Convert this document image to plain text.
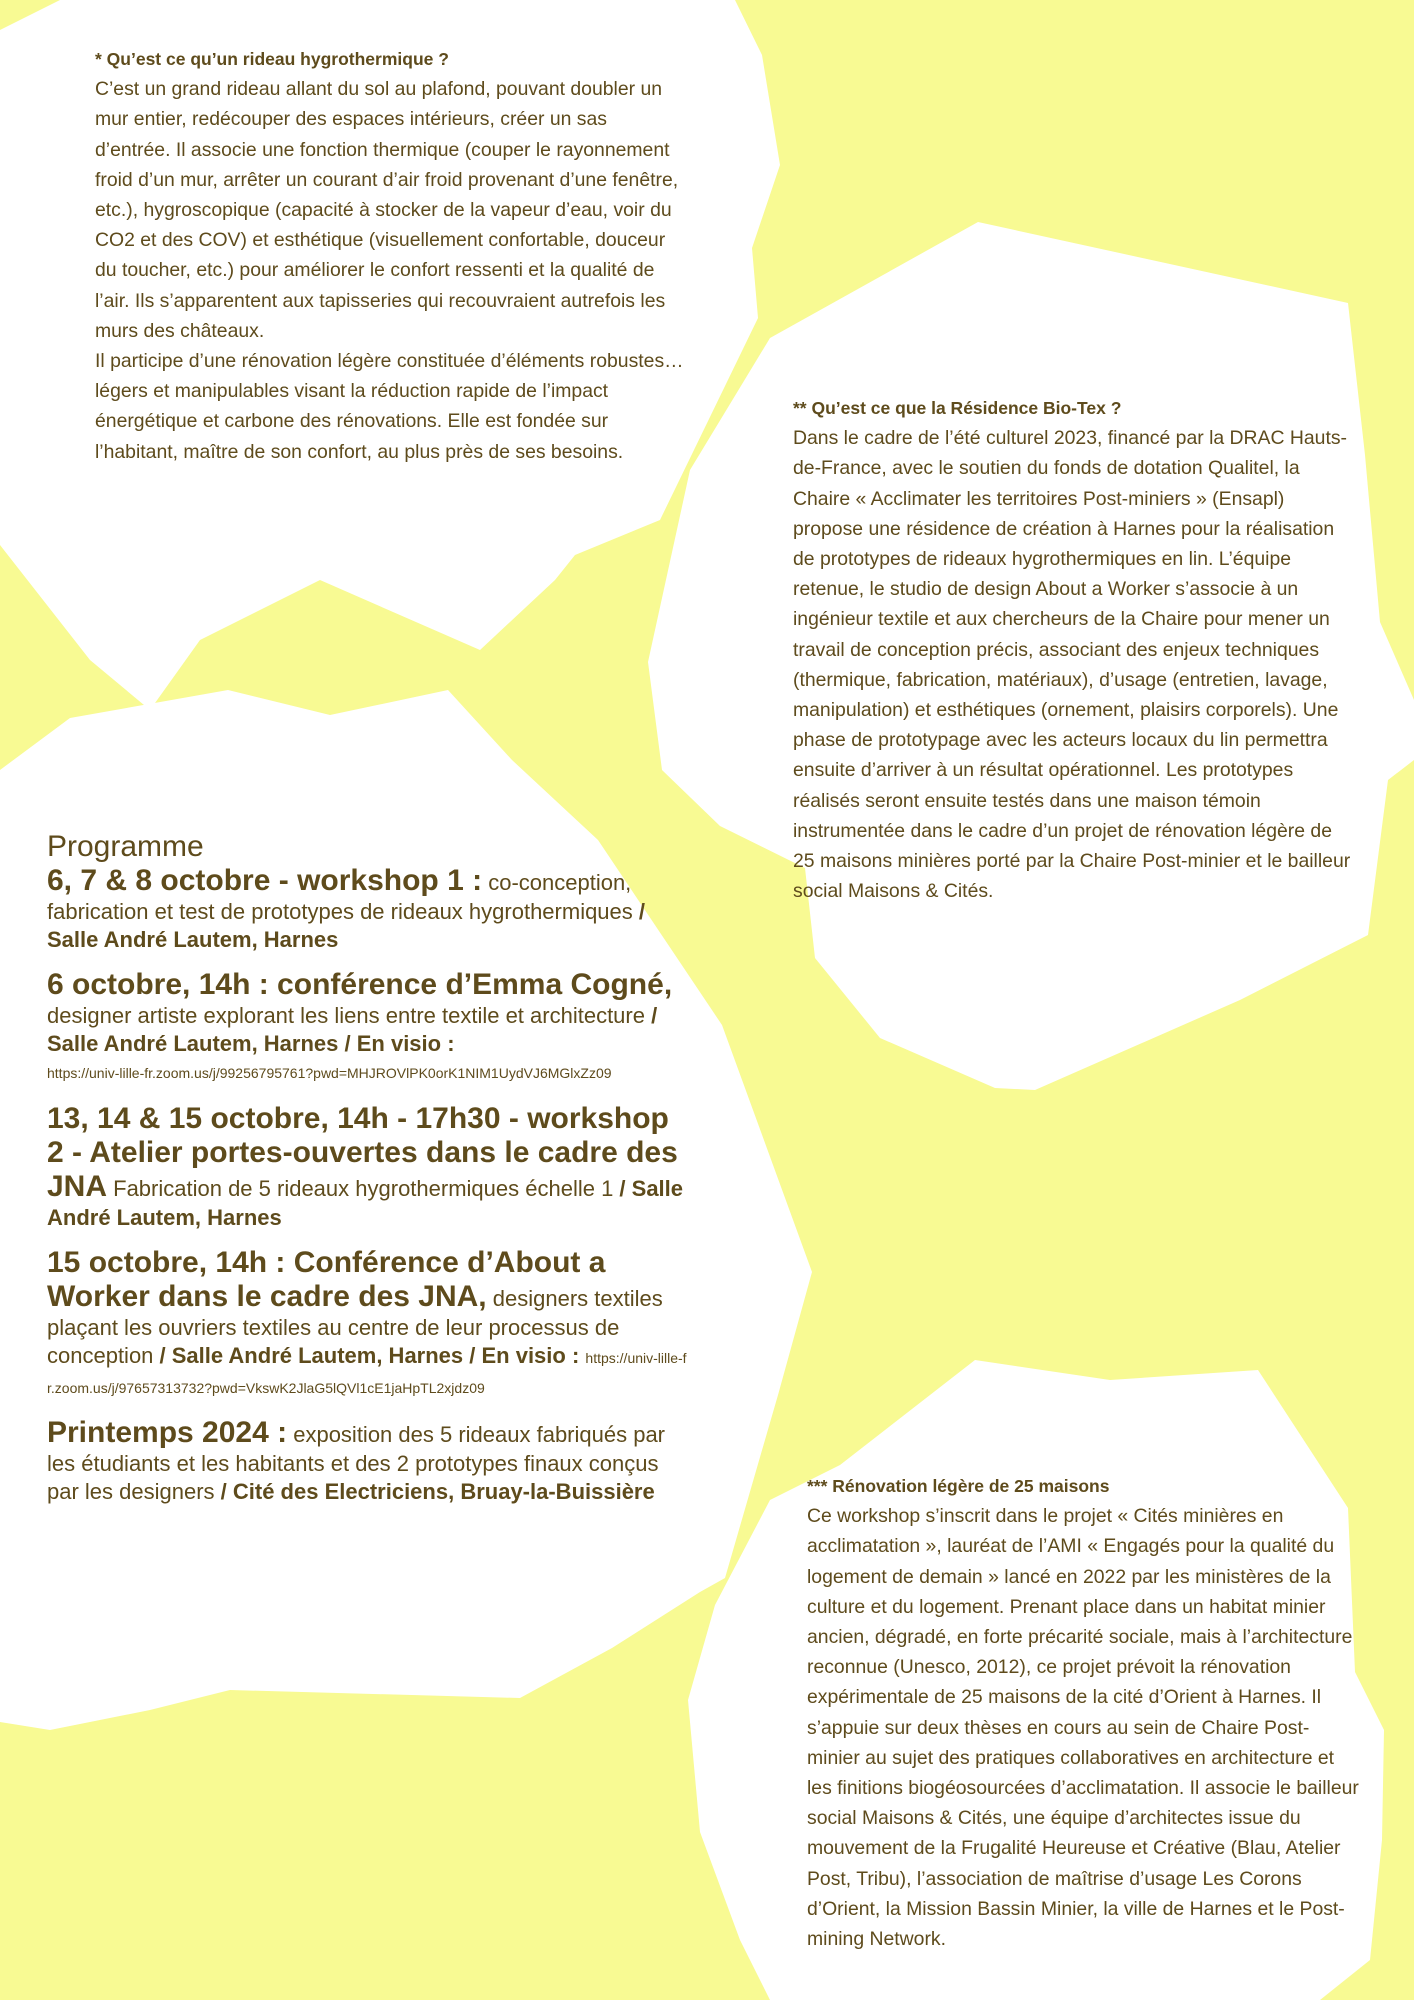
* Qu’est ce qu’un rideau hygrothermique ?

C’est un grand rideau allant du sol au plafond, pouvant doubler un mur entier, redécouper des espaces intérieurs, créer un sas d’entrée. Il associe une fonction thermique (couper le rayonnement froid d’un mur, arrêter un courant d’air froid provenant d’une fenêtre, etc.), hygroscopique (capacité à stocker de la vapeur d’eau, voir du CO2 et des COV) et esthétique (visuellement confortable, douceur du toucher, etc.) pour améliorer le confort ressenti et la qualité de l’air. Ils s’apparentent aux tapisseries qui recouvraient autrefois les murs des châteaux.

Il participe d’une rénovation légère constituée d’éléments robustes… légers et manipulables visant la réduction rapide de l’impact énergétique et carbone des rénovations. Elle est fondée sur l’habitant, maître de son confort, au plus près de ses besoins.

** Qu’est ce que la Résidence Bio-Tex ?

Dans le cadre de l’été culturel 2023, financé par la DRAC Hauts-de-France, avec le soutien du fonds de dotation Qualitel, la Chaire « Acclimater les territoires Post-miniers » (Ensapl) propose une résidence de création à Harnes pour la réalisation de prototypes de rideaux hygrothermiques en lin. L’équipe retenue, le studio de design About a Worker s’associe à un ingénieur textile et aux chercheurs de la Chaire pour mener un travail de conception précis, associant des enjeux techniques (thermique, fabrication, matériaux), d’usage (entretien, lavage, manipulation) et esthétiques (ornement, plaisirs corporels). Une phase de prototypage avec les acteurs locaux du lin permettra ensuite d’arriver à un résultat opérationnel. Les prototypes réalisés seront ensuite testés dans une maison témoin instrumentée dans le cadre d’un projet de rénovation légère de 25 maisons minières porté par la Chaire Post-minier et le bailleur social Maisons & Cités.

Programme
6, 7 & 8 octobre - workshop 1 : co-conception, fabrication et test de prototypes de rideaux hygrothermiques / Salle André Lautem, Harnes
6 octobre, 14h : conférence d’Emma Cogné, designer artiste explorant les liens entre textile et architecture / Salle André Lautem, Harnes / En visio :
https://univ-lille-fr.zoom.us/j/99256795761?pwd=MHJROVlPK0orK1NIM1UydVJ6MGlxZz09
13, 14 & 15 octobre, 14h - 17h30 - workshop 2 - Atelier portes-ouvertes dans le cadre des JNA Fabrication de 5 rideaux hygrothermiques échelle 1 / Salle André Lautem, Harnes
15 octobre, 14h : Conférence d’About a Worker dans le cadre des JNA, designers textiles plaçant les ouvriers textiles au centre de leur processus de conception / Salle André Lautem, Harnes / En visio : https://univ-lille-fr.zoom.us/j/97657313732?pwd=VkswK2JlaG5lQVl1cE1jaHpTL2xjdz09
Printemps 2024 : exposition des 5 rideaux fabriqués par les étudiants et les habitants et des 2 prototypes finaux conçus par les designers / Cité des Electriciens, Bruay-la-Buissière	*** Rénovation légère de 25 maisons

Ce workshop s’inscrit dans le projet « Cités minières en acclimatation », lauréat de l’AMI « Engagés pour la qualité du logement de demain » lancé en 2022 par les ministères de la culture et du logement. Prenant place dans un habitat minier ancien, dégradé, en forte précarité sociale, mais à l’architecture reconnue (Unesco, 2012), ce projet prévoit la rénovation expérimentale de 25 maisons de la cité d’Orient à Harnes. Il s’appuie sur deux thèses en cours au sein de Chaire Post-minier au sujet des pratiques collaboratives en architecture et les finitions biogéosourcées d’acclimatation. Il associe le bailleur social Maisons & Cités, une équipe d’architectes issue du mouvement de la Frugalité Heureuse et Créative (Blau, Atelier Post, Tribu), l’association de maîtrise d’usage Les Corons d’Orient, la Mission Bassin Minier, la ville de Harnes et le Post-mining Network.
